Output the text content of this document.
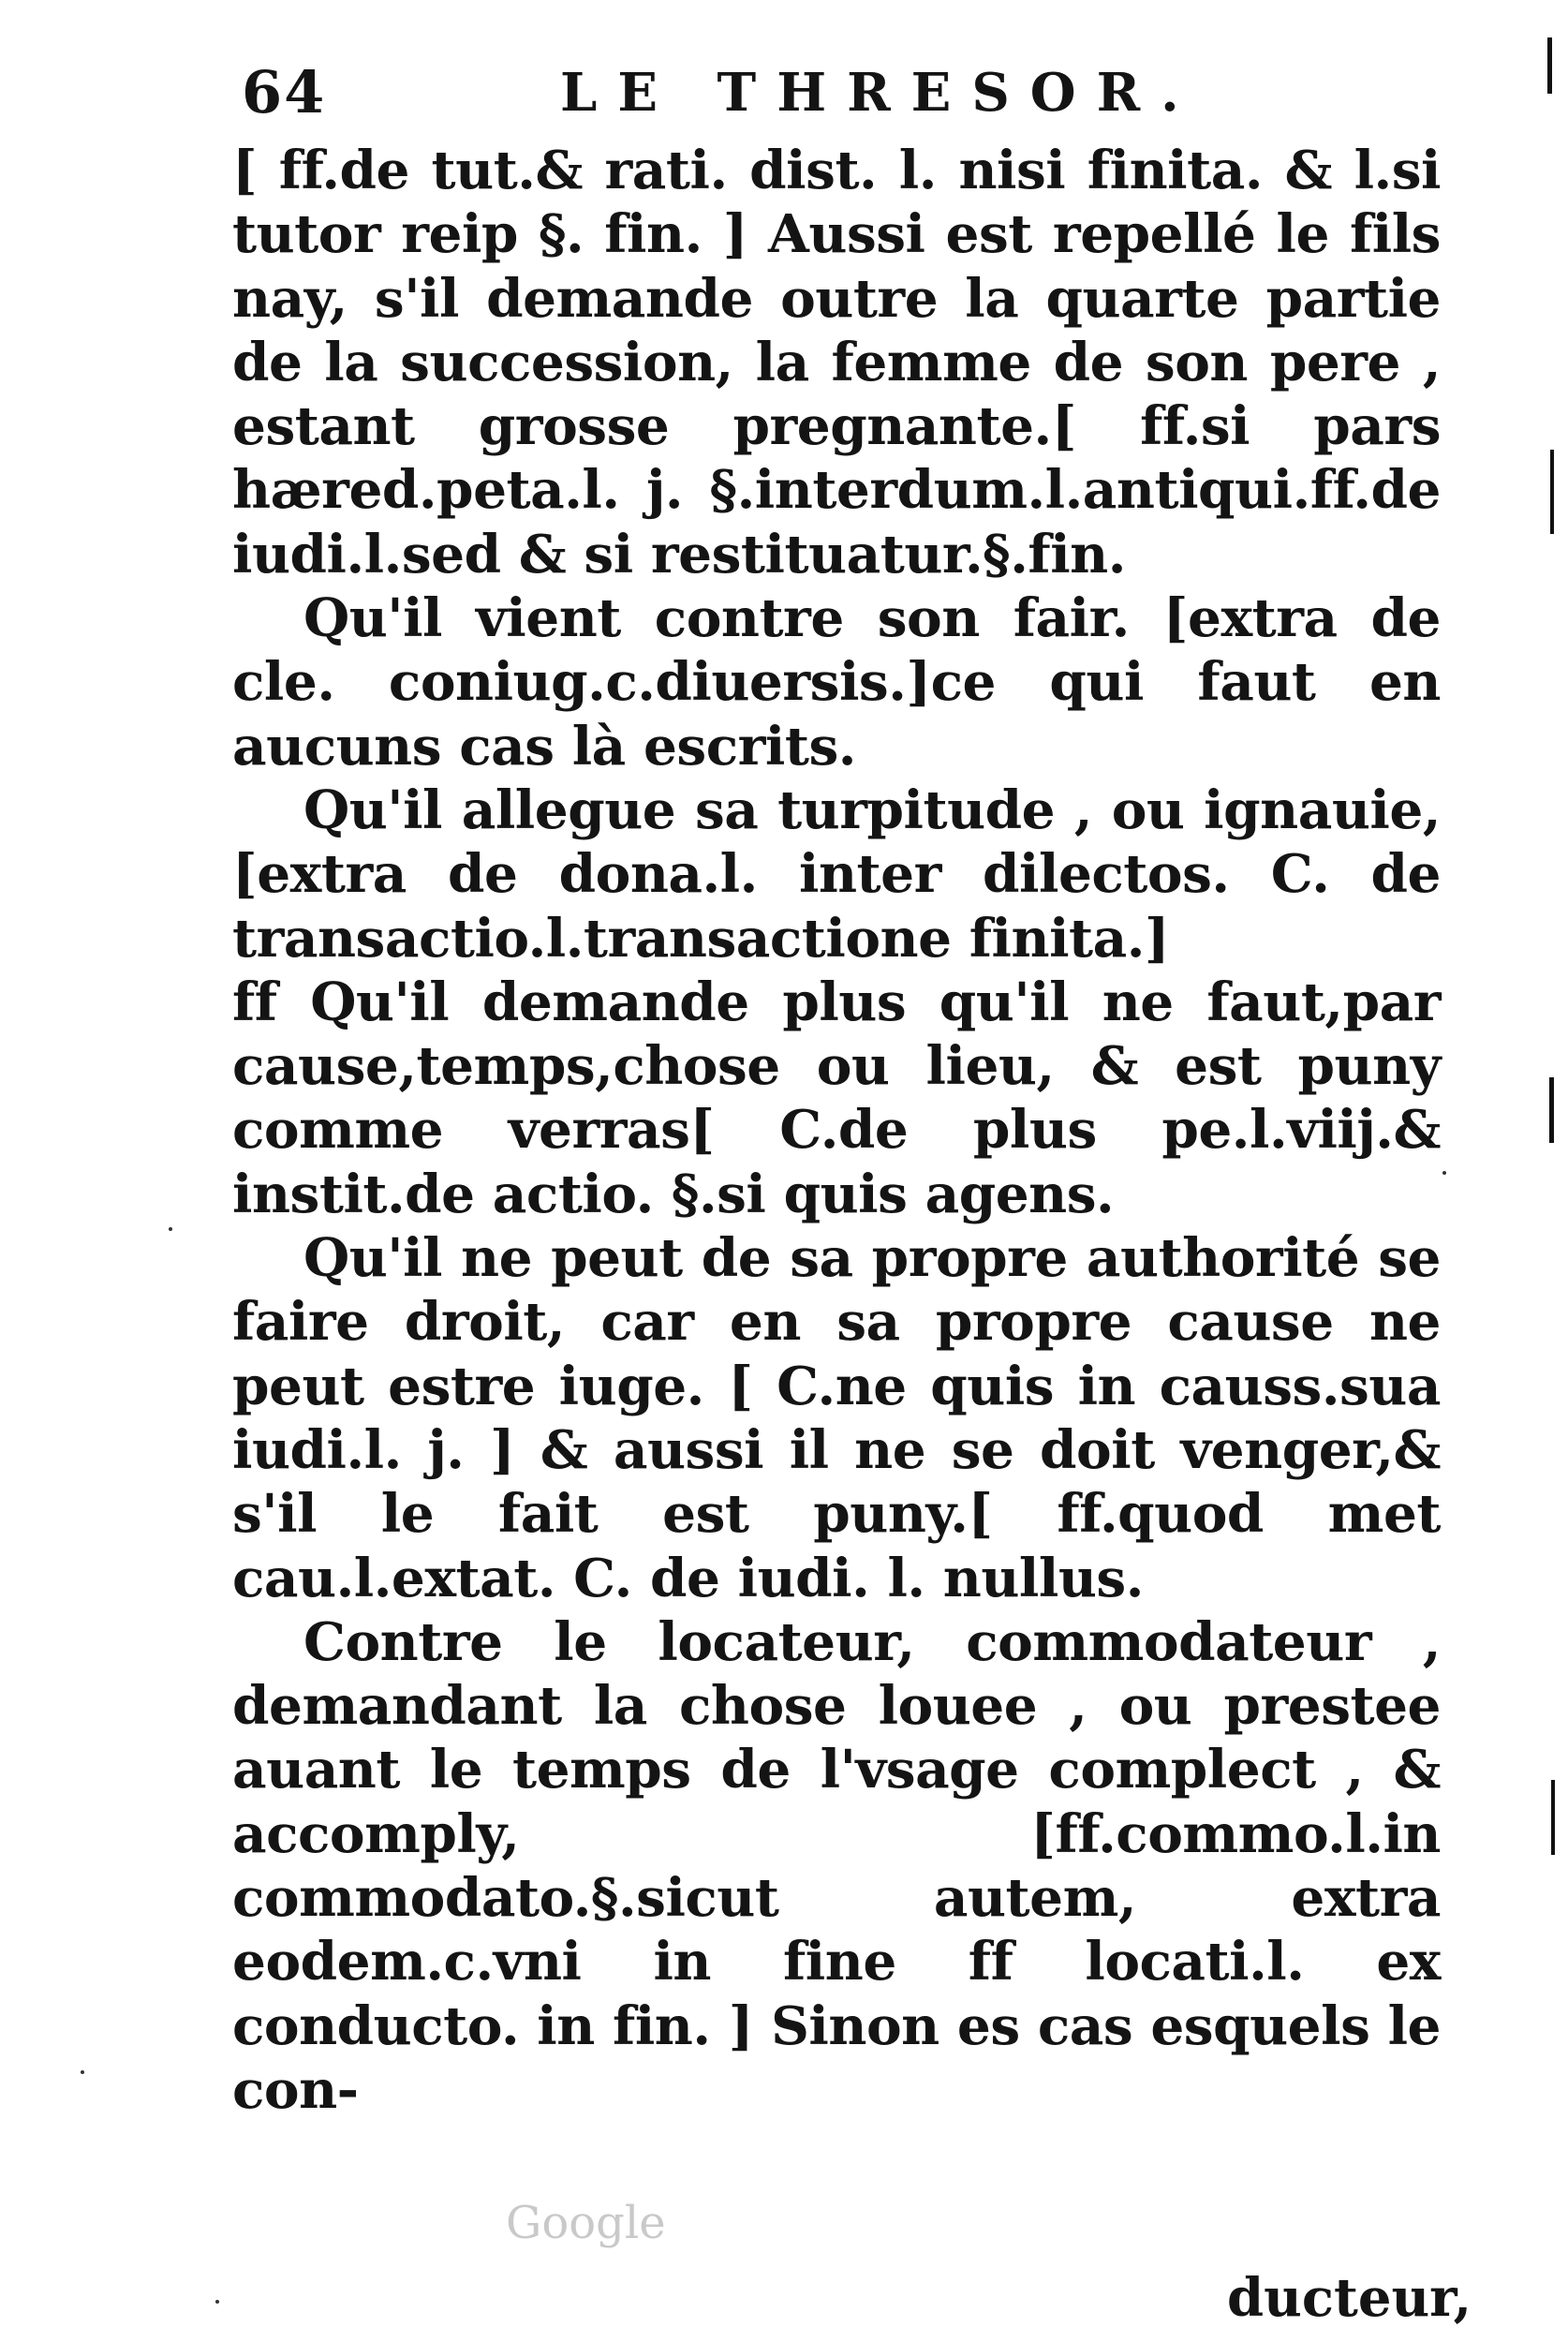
64	LE THRESOR.

[ ff.de tut.& rati. dist. l. nisi finita. & l.si tutor reip §. fin. ] Aussi est repellé le fils nay, s'il demande outre la quarte partie de la succession, la femme de son pere , estant grosse pregnante.[ ff.si pars hæred.peta.l. j. §.interdum.l.antiqui.ff.de iudi.l.sed & si restituatur.§.fin.

Qu'il vient contre son fair. [extra de cle. coniug.c.diuersis.]ce qui faut en aucuns cas là escrits.

Qu'il allegue sa turpitude , ou ignauie, [extra de dona.l. inter dilectos. C. de transactio.l.transactione finita.]

ff Qu'il demande plus qu'il ne faut,par cause,temps,chose ou lieu, & est puny comme verras[ C.de plus pe.l.viij.& instit.de actio. §.si quis agens.

Qu'il ne peut de sa propre authorité se faire droit, car en sa propre cause ne peut estre iuge. [ C.ne quis in causs.sua iudi.l. j. ] & aussi il ne se doit venger,& s'il le fait est puny.[ ff.quod met cau.l.extat. C. de iudi. l. nullus.

Contre le locateur, commodateur , demandant la chose louee , ou prestee auant le temps de l'vsage complect , & accomply, [ff.commo.l.in commodato.§.sicut autem, extra eodem.c.vni in fine ff locati.l. ex conducto. in fin. ] Sinon es cas esquels le con-

Google
ducteur,
